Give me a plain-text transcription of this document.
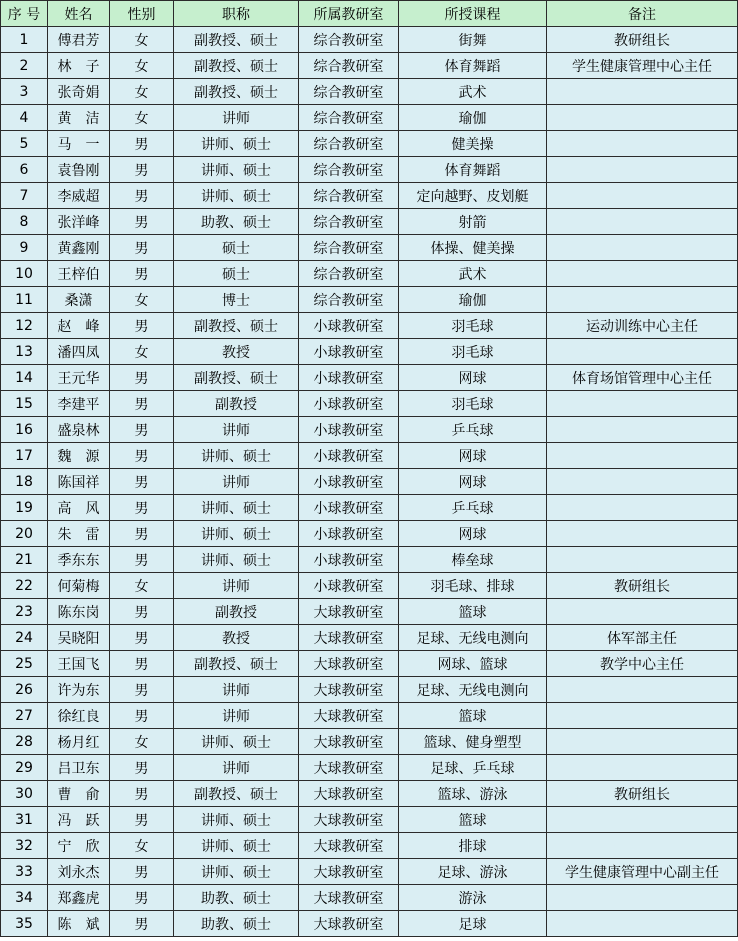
序 号	姓名	性别	职称	所属教研室	所授课程	备注
1	傅君芳	女	副教授、硕士	综合教研室	街舞	教研组长
2	林　子	女	副教授、硕士	综合教研室	体育舞蹈	学生健康管理中心主任
3	张奇娟	女	副教授、硕士	综合教研室	武术	
4	黄　洁	女	讲师	综合教研室	瑜伽	
5	马　一	男	讲师、硕士	综合教研室	健美操	
6	袁鲁刚	男	讲师、硕士	综合教研室	体育舞蹈	
7	李威超	男	讲师、硕士	综合教研室	定向越野、皮划艇	
8	张洋峰	男	助教、硕士	综合教研室	射箭	
9	黄鑫刚	男	硕士	综合教研室	体操、健美操	
10	王梓伯	男	硕士	综合教研室	武术	
11	桑潇	女	博士	综合教研室	瑜伽	
12	赵　峰	男	副教授、硕士	小球教研室	羽毛球	运动训练中心主任
13	潘四凤	女	教授	小球教研室	羽毛球	
14	王元华	男	副教授、硕士	小球教研室	网球	体育场馆管理中心主任
15	李建平	男	副教授	小球教研室	羽毛球	
16	盛泉林	男	讲师	小球教研室	乒乓球	
17	魏　源	男	讲师、硕士	小球教研室	网球	
18	陈国祥	男	讲师	小球教研室	网球	
19	高　风	男	讲师、硕士	小球教研室	乒乓球	
20	朱　雷	男	讲师、硕士	小球教研室	网球	
21	季东东	男	讲师、硕士	小球教研室	棒垒球	
22	何菊梅	女	讲师	小球教研室	羽毛球、排球	教研组长
23	陈东岗	男	副教授	大球教研室	篮球	
24	吴晓阳	男	教授	大球教研室	足球、无线电测向	体军部主任
25	王国飞	男	副教授、硕士	大球教研室	网球、篮球	教学中心主任
26	许为东	男	讲师	大球教研室	足球、无线电测向	
27	徐红良	男	讲师	大球教研室	篮球	
28	杨月红	女	讲师、硕士	大球教研室	篮球、健身塑型	
29	吕卫东	男	讲师	大球教研室	足球、乒乓球	
30	曹　俞	男	副教授、硕士	大球教研室	篮球、游泳	教研组长
31	冯　跃	男	讲师、硕士	大球教研室	篮球	
32	宁　欣	女	讲师、硕士	大球教研室	排球	
33	刘永杰	男	讲师、硕士	大球教研室	足球、游泳	学生健康管理中心副主任
34	郑鑫虎	男	助教、硕士	大球教研室	游泳	
35	陈　斌	男	助教、硕士	大球教研室	足球	
